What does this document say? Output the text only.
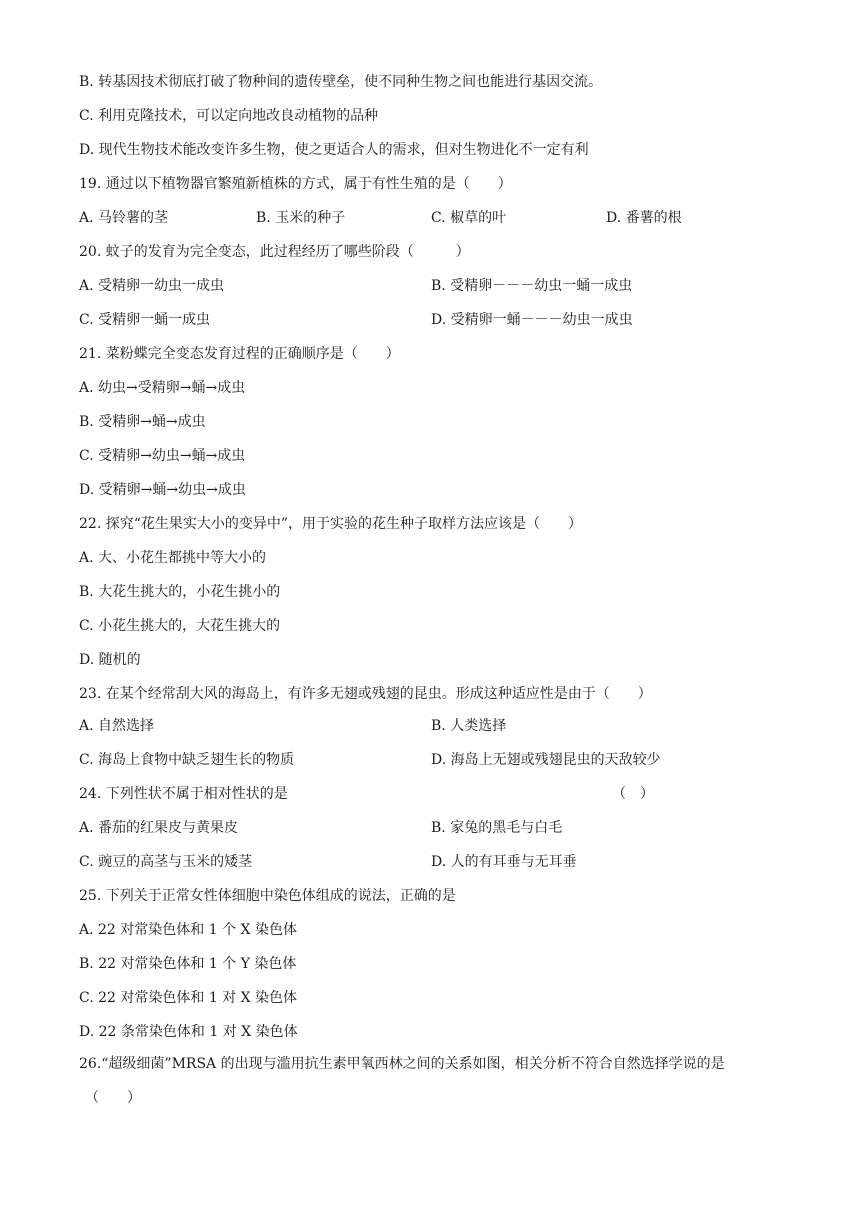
B. 转基因技术彻底打破了物种间的遗传壁垒，使不同种生物之间也能进行基因交流。
C. 利用克隆技术，可以定向地改良动植物的品种
D. 现代生物技术能改变许多生物，使之更适合人的需求，但对生物进化不一定有利
19. 通过以下植物器官繁殖新植株的方式，属于有性生殖的是（　　）
A. 马铃薯的茎	B. 玉米的种子	C. 椒草的叶	D. 番薯的根
20. 蚊子的发育为完全变态，此过程经历了哪些阶段（　　　）
A. 受精卵一幼虫一成虫	B. 受精卵－－－幼虫一蛹一成虫
C. 受精卵一蛹一成虫	D. 受精卵一蛹－－－幼虫一成虫
21. 菜粉蝶完全变态发育过程的正确顺序是（　　）
A. 幼虫→受精卵→蛹→成虫
B. 受精卵→蛹→成虫
C. 受精卵→幼虫→蛹→成虫
D. 受精卵→蛹→幼虫→成虫
22. 探究“花生果实大小的变异中”，用于实验的花生种子取样方法应该是（　　）
A. 大、小花生都挑中等大小的
B. 大花生挑大的，小花生挑小的
C. 小花生挑大的，大花生挑大的
D. 随机的
23. 在某个经常刮大风的海岛上，有许多无翅或残翅的昆虫。形成这种适应性是由于（　　）
A. 自然选择	B. 人类选择
C. 海岛上食物中缺乏翅生长的物质	D. 海岛上无翅或残翅昆虫的天敌较少
24. 下列性状不属于相对性状的是	（　）
A. 番茄的红果皮与黄果皮	B. 家兔的黑毛与白毛
C. 豌豆的高茎与玉米的矮茎	D. 人的有耳垂与无耳垂
25. 下列关于正常女性体细胞中染色体组成的说法，正确的是
A. 22 对常染色体和 1 个 X 染色体
B. 22 对常染色体和 1 个 Y 染色体
C. 22 对常染色体和 1 对 X 染色体
D. 22 条常染色体和 1 对 X 染色体
26.“超级细菌”MRSA 的出现与滥用抗生素甲氧西林之间的关系如图，相关分析不符合自然选择学说的是
（　　）
